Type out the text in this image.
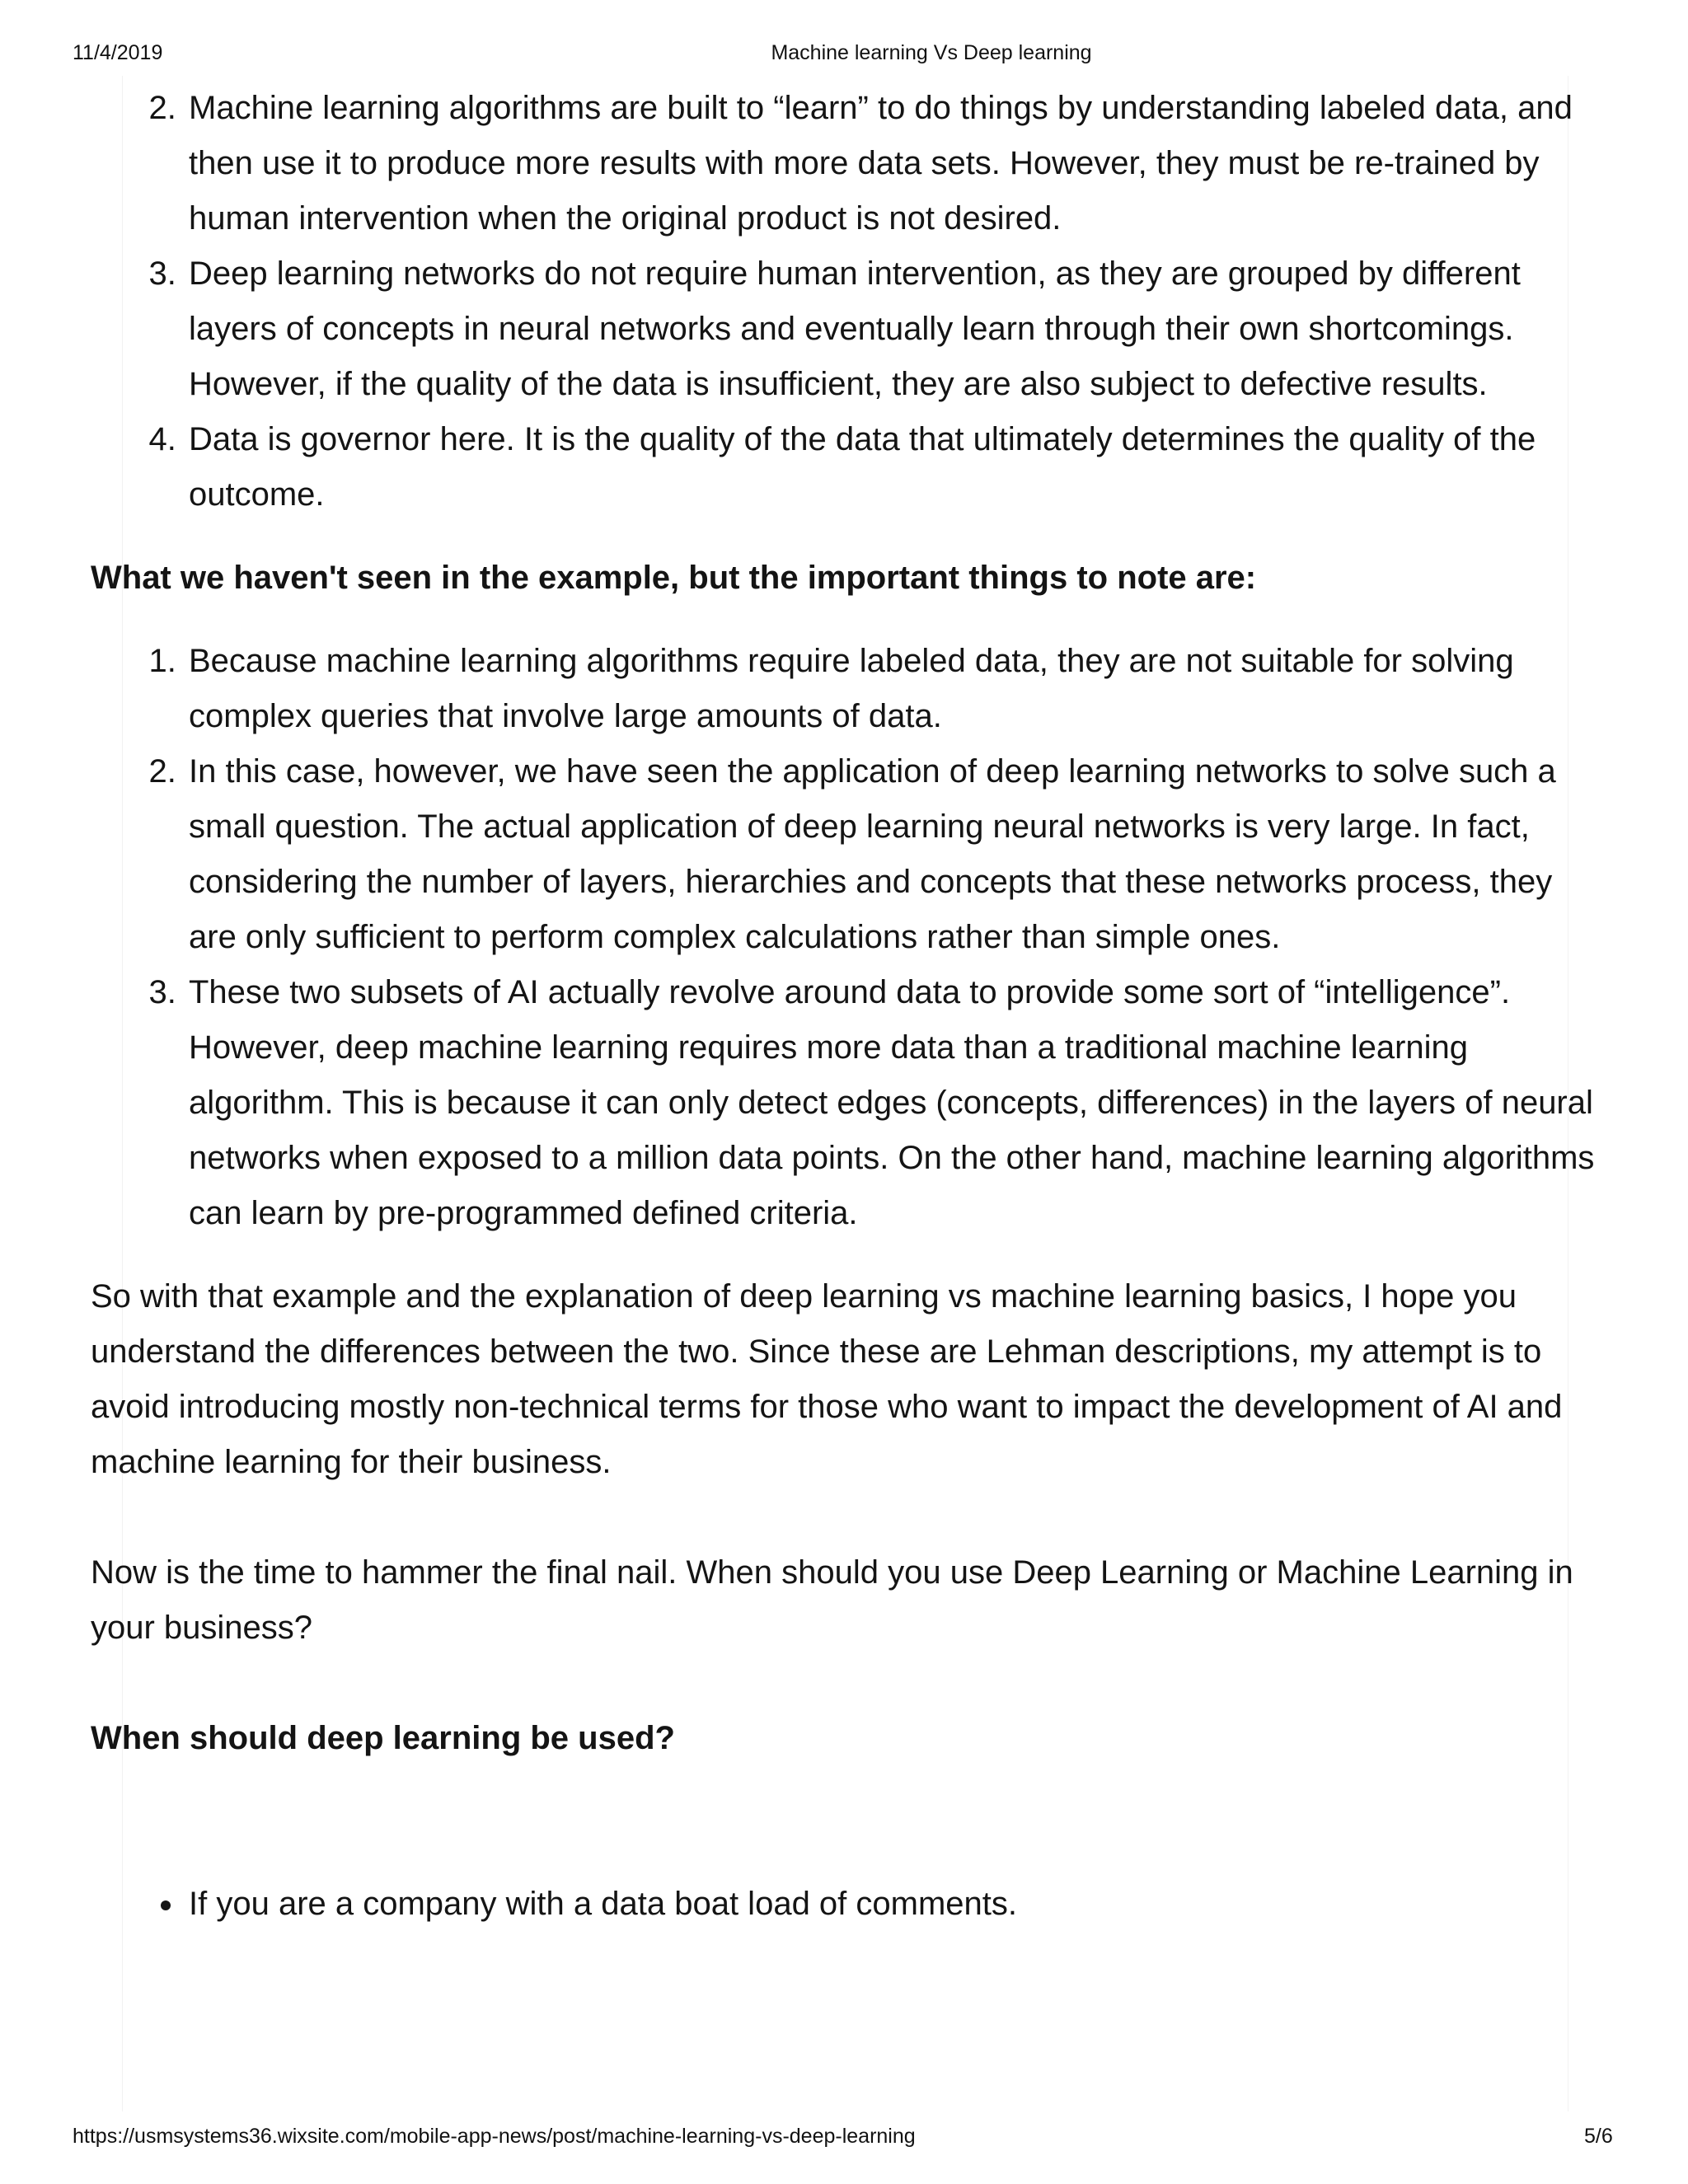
11/4/2019	Machine learning Vs Deep learning
2. Machine learning algorithms are built to “learn” to do things by understanding labeled data, and then use it to produce more results with more data sets. However, they must be re-trained by human intervention when the original product is not desired.
3. Deep learning networks do not require human intervention, as they are grouped by different layers of concepts in neural networks and eventually learn through their own shortcomings. However, if the quality of the data is insufficient, they are also subject to defective results.
4. Data is governor here. It is the quality of the data that ultimately determines the quality of the outcome.
What we haven't seen in the example, but the important things to note are:
1. Because machine learning algorithms require labeled data, they are not suitable for solving complex queries that involve large amounts of data.
2. In this case, however, we have seen the application of deep learning networks to solve such a small question. The actual application of deep learning neural networks is very large. In fact, considering the number of layers, hierarchies and concepts that these networks process, they are only sufficient to perform complex calculations rather than simple ones.
3. These two subsets of AI actually revolve around data to provide some sort of “intelligence”. However, deep machine learning requires more data than a traditional machine learning algorithm. This is because it can only detect edges (concepts, differences) in the layers of neural networks when exposed to a million data points. On the other hand, machine learning algorithms can learn by pre-programmed defined criteria.

So with that example and the explanation of deep learning vs machine learning basics, I hope you understand the differences between the two. Since these are Lehman descriptions, my attempt is to avoid introducing mostly non-technical terms for those who want to impact the development of AI and machine learning for their business.

Now is the time to hammer the final nail. When should you use Deep Learning or Machine Learning in your business?

When should deep learning be used?
• If you are a company with a data boat load of comments.
https://usmsystems36.wixsite.com/mobile-app-news/post/machine-learning-vs-deep-learning	5/6
